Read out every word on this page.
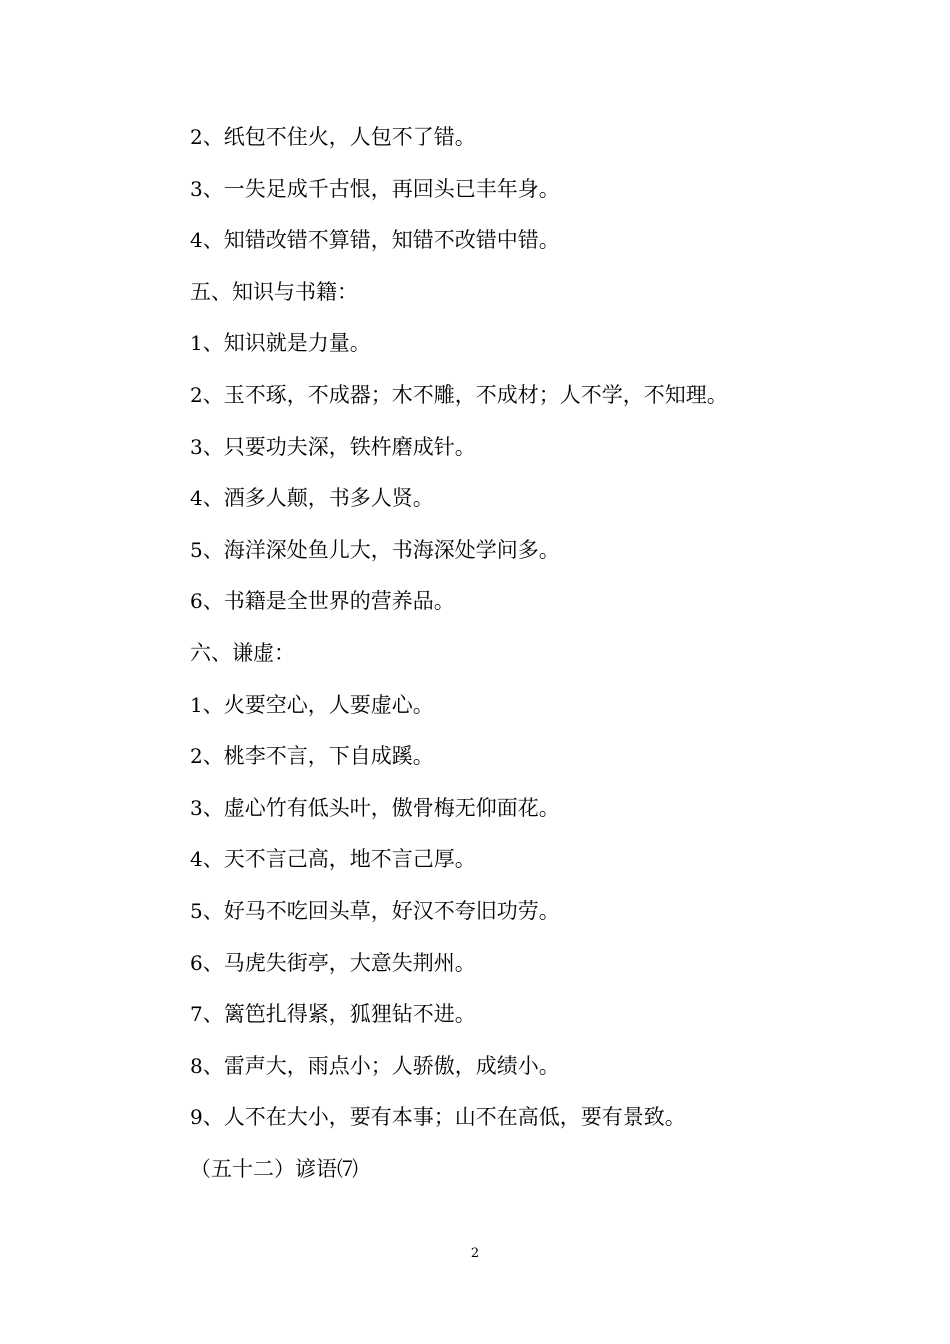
2、纸包不住火，人包不了错。
3、一失足成千古恨，再回头已丰年身。
4、知错改错不算错，知错不改错中错。
五、知识与书籍：
1、知识就是力量。
2、玉不琢，不成器；木不雕，不成材；人不学，不知理。
3、只要功夫深，铁杵磨成针。
4、酒多人颠，书多人贤。
5、海洋深处鱼儿大，书海深处学问多。
6、书籍是全世界的营养品。
六、谦虚：
1、火要空心，人要虚心。
2、桃李不言，下自成蹊。
3、虚心竹有低头叶，傲骨梅无仰面花。
4、天不言己高，地不言己厚。
5、好马不吃回头草，好汉不夸旧功劳。
6、马虎失街亭，大意失荆州。
7、篱笆扎得紧，狐狸钻不进。
8、雷声大，雨点小；人骄傲，成绩小。
9、人不在大小，要有本事；山不在高低，要有景致。
（五十二）谚语⑺
2
